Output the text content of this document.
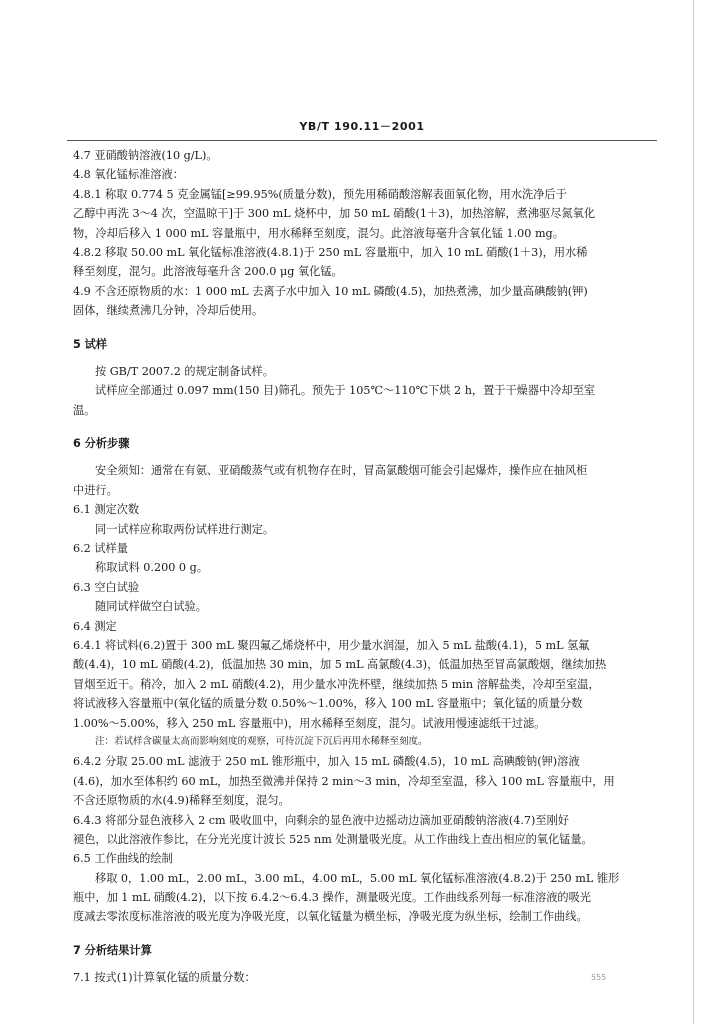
YB/T 190.11－2001
4.7 亚硝酸钠溶液(10 g/L)。
4.8 氧化锰标准溶液：
4.8.1 称取 0.774 5 克金属锰[≥99.95%(质量分数)，预先用稀硝酸溶解表面氧化物，用水洗净后于
乙醇中再洗 3～4 次，空温晾干]于 300 mL 烧杯中，加 50 mL 硝酸(1＋3)，加热溶解，煮沸驱尽氮氧化
物，冷却后移入 1 000 mL 容量瓶中，用水稀释至刻度，混匀。此溶液每毫升含氧化锰 1.00 mg。
4.8.2 移取 50.00 mL 氧化锰标准溶液(4.8.1)于 250 mL 容量瓶中，加入 10 mL 硝酸(1＋3)，用水稀
释至刻度，混匀。此溶液每毫升含 200.0 μg 氧化锰。
4.9 不含还原物质的水：1 000 mL 去离子水中加入 10 mL 磷酸(4.5)，加热煮沸，加少量高碘酸钠(钾)
固体，继续煮沸几分钟，冷却后使用。
5 试样
按 GB/T 2007.2 的规定制备试样。
试样应全部通过 0.097 mm(150 目)筛孔。预先于 105℃～110℃下烘 2 h，置于干燥器中冷却至室
温。
6 分析步骤
安全须知：通常在有氨、亚硝酸蒸气或有机物存在时，冒高氯酸烟可能会引起爆炸，操作应在抽风柜
中进行。
6.1 测定次数
同一试样应称取两份试样进行测定。
6.2 试样量
称取试料 0.200 0 g。
6.3 空白试验
随同试样做空白试验。
6.4 测定
6.4.1 将试料(6.2)置于 300 mL 聚四氟乙烯烧杯中，用少量水润湿，加入 5 mL 盐酸(4.1)，5 mL 氢氟
酸(4.4)，10 mL 硝酸(4.2)，低温加热 30 min，加 5 mL 高氯酸(4.3)，低温加热至冒高氯酸烟，继续加热
冒烟至近干。稍冷，加入 2 mL 硝酸(4.2)，用少量水冲洗杯壁，继续加热 5 min 溶解盐类，冷却至室温，
将试液移入容量瓶中(氧化锰的质量分数 0.50%～1.00%，移入 100 mL 容量瓶中；氧化锰的质量分数
1.00%～5.00%，移入 250 mL 容量瓶中)，用水稀释至刻度，混匀。试液用慢速滤纸干过滤。
注：若试样含碳量太高而影响刻度的观察，可待沉淀下沉后再用水稀释至刻度。
6.4.2 分取 25.00 mL 滤液于 250 mL 锥形瓶中，加入 15 mL 磷酸(4.5)，10 mL 高碘酸钠(钾)溶液
(4.6)，加水至体积约 60 mL，加热至微沸并保持 2 min～3 min，冷却至室温，移入 100 mL 容量瓶中，用
不含还原物质的水(4.9)稀释至刻度，混匀。
6.4.3 将部分显色液移入 2 cm 吸收皿中，向剩余的显色液中边摇动边滴加亚硝酸钠溶液(4.7)至刚好
褪色，以此溶液作参比，在分光光度计波长 525 nm 处测量吸光度。从工作曲线上查出相应的氧化锰量。
6.5 工作曲线的绘制
移取 0，1.00 mL，2.00 mL，3.00 mL，4.00 mL，5.00 mL 氧化锰标准溶液(4.8.2)于 250 mL 锥形
瓶中，加 1 mL 硝酸(4.2)，以下按 6.4.2～6.4.3 操作，测量吸光度。工作曲线系列每一标准溶液的吸光
度减去零浓度标准溶液的吸光度为净吸光度，以氧化锰量为横坐标，净吸光度为纵坐标，绘制工作曲线。
7 分析结果计算
7.1 按式(1)计算氧化锰的质量分数：	555
